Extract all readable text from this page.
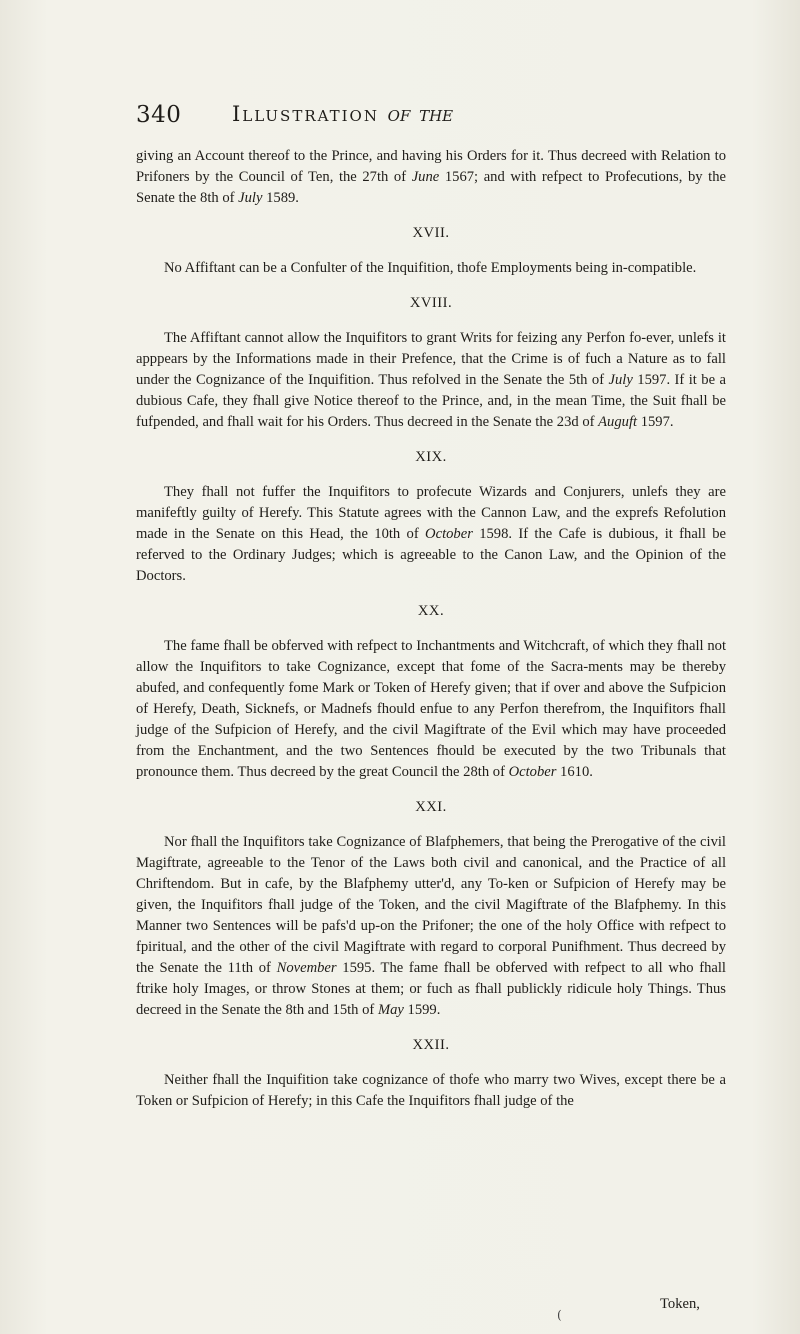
340 Illustration of the

giving an Account thereof to the Prince, and having his Orders for it. Thus decreed with Relation to Prifoners by the Council of Ten, the 27th of June 1567; and with refpect to Profecutions, by the Senate the 8th of July 1589.

XVII.

No Affiftant can be a Confulter of the Inquifition, thofe Employments being in-compatible.

XVIII.

The Affiftant cannot allow the Inquifitors to grant Writs for feizing any Perfon fo-ever, unlefs it apppears by the Informations made in their Prefence, that the Crime is of fuch a Nature as to fall under the Cognizance of the Inquifition. Thus refolved in the Senate the 5th of July 1597. If it be a dubious Cafe, they fhall give Notice thereof to the Prince, and, in the mean Time, the Suit fhall be fufpended, and fhall wait for his Orders. Thus decreed in the Senate the 23d of Auguft 1597.

XIX.

They fhall not fuffer the Inquifitors to profecute Wizards and Conjurers, unlefs they are manifeftly guilty of Herefy. This Statute agrees with the Cannon Law, and the exprefs Refolution made in the Senate on this Head, the 10th of October 1598. If the Cafe is dubious, it fhall be referved to the Ordinary Judges; which is agreeable to the Canon Law, and the Opinion of the Doctors.

XX.

The fame fhall be obferved with refpect to Inchantments and Witchcraft, of which they fhall not allow the Inquifitors to take Cognizance, except that fome of the Sacra-ments may be thereby abufed, and confequently fome Mark or Token of Herefy given; that if over and above the Sufpicion of Herefy, Death, Sicknefs, or Madnefs fhould enfue to any Perfon therefrom, the Inquifitors fhall judge of the Sufpicion of Herefy, and the civil Magiftrate of the Evil which may have proceeded from the Enchantment, and the two Sentences fhould be executed by the two Tribunals that pronounce them. Thus decreed by the great Council the 28th of October 1610.

XXI.

Nor fhall the Inquifitors take Cognizance of Blafphemers, that being the Prerogative of the civil Magiftrate, agreeable to the Tenor of the Laws both civil and canonical, and the Practice of all Chriftendom. But in cafe, by the Blafphemy utter'd, any To-ken or Sufpicion of Herefy may be given, the Inquifitors fhall judge of the Token, and the civil Magiftrate of the Blafphemy. In this Manner two Sentences will be pafs'd up-on the Prifoner; the one of the holy Office with refpect to fpiritual, and the other of the civil Magiftrate with regard to corporal Punifhment. Thus decreed by the Senate the 11th of November 1595. The fame fhall be obferved with refpect to all who fhall ftrike holy Images, or throw Stones at them; or fuch as fhall publickly ridicule holy Things. Thus decreed in the Senate the 8th and 15th of May 1599.

XXII.

Neither fhall the Inquifition take cognizance of thofe who marry two Wives, except there be a Token or Sufpicion of Herefy; in this Cafe the Inquifitors fhall judge of the

Token,
(
